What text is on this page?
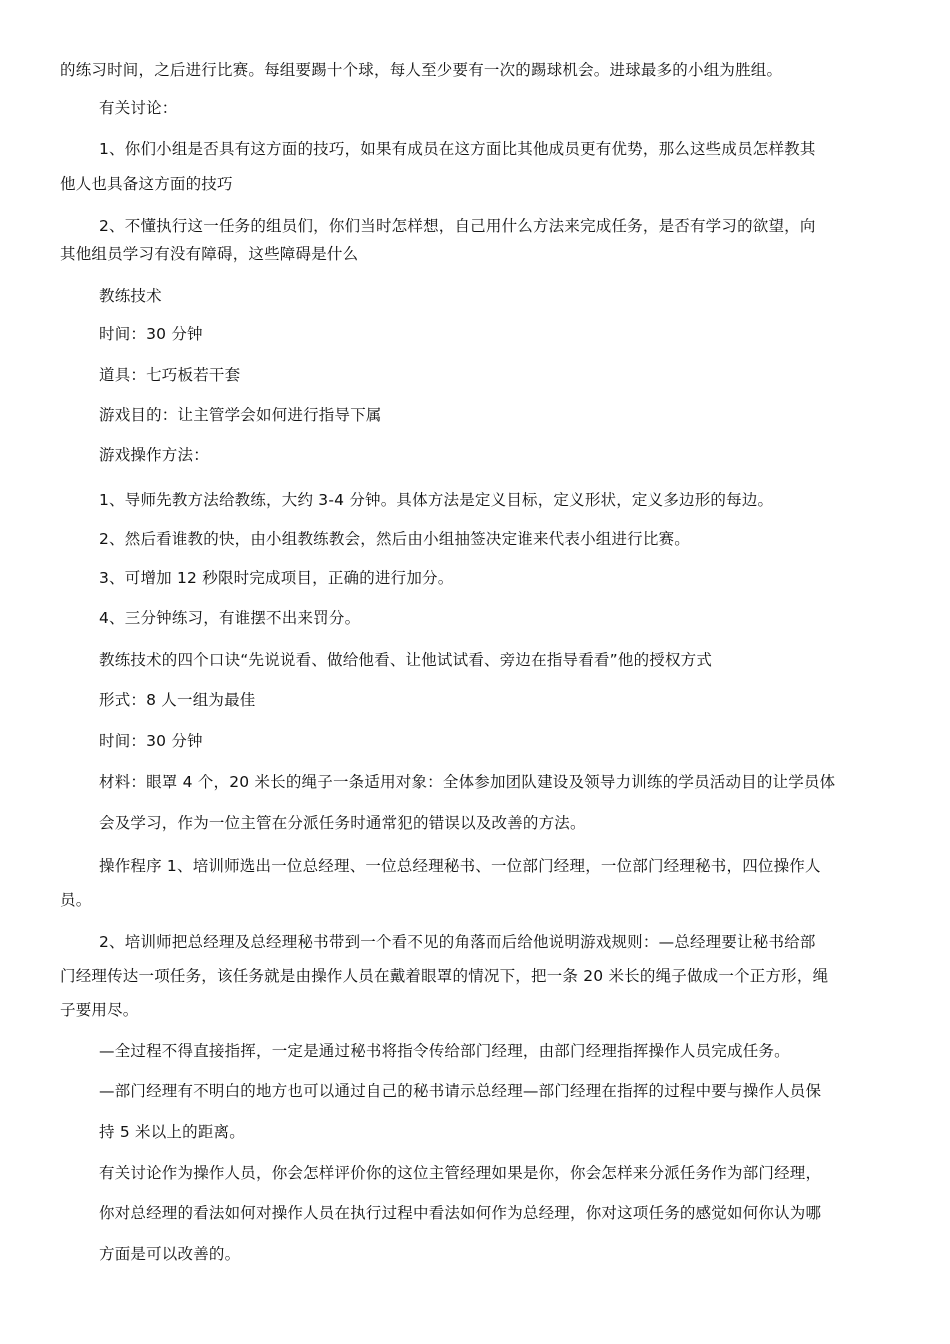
的练习时间，之后进行比赛。每组要踢十个球，每人至少要有一次的踢球机会。进球最多的小组为胜组。
有关讨论：
1、你们小组是否具有这方面的技巧，如果有成员在这方面比其他成员更有优势，那么这些成员怎样教其
他人也具备这方面的技巧
2、不懂执行这一任务的组员们，你们当时怎样想，自己用什么方法来完成任务，是否有学习的欲望，向
其他组员学习有没有障碍，这些障碍是什么
教练技术
时间：30 分钟
道具：七巧板若干套
游戏目的：让主管学会如何进行指导下属
游戏操作方法：
1、导师先教方法给教练，大约 3-4 分钟。具体方法是定义目标，定义形状，定义多边形的每边。
2、然后看谁教的快，由小组教练教会，然后由小组抽签决定谁来代表小组进行比赛。
3、可增加 12 秒限时完成项目，正确的进行加分。
4、三分钟练习，有谁摆不出来罚分。
教练技术的四个口诀“先说说看、做给他看、让他试试看、旁边在指导看看”他的授权方式
形式：8 人一组为最佳
时间：30 分钟
材料：眼罩 4 个，20 米长的绳子一条适用对象：全体参加团队建设及领导力训练的学员活动目的让学员体
会及学习，作为一位主管在分派任务时通常犯的错误以及改善的方法。
操作程序 1、培训师选出一位总经理、一位总经理秘书、一位部门经理，一位部门经理秘书，四位操作人
员。
2、培训师把总经理及总经理秘书带到一个看不见的角落而后给他说明游戏规则：—总经理要让秘书给部
门经理传达一项任务，该任务就是由操作人员在戴着眼罩的情况下，把一条 20 米长的绳子做成一个正方形，绳
子要用尽。
—全过程不得直接指挥，一定是通过秘书将指令传给部门经理，由部门经理指挥操作人员完成任务。
—部门经理有不明白的地方也可以通过自己的秘书请示总经理—部门经理在指挥的过程中要与操作人员保
持 5 米以上的距离。
有关讨论作为操作人员，你会怎样评价你的这位主管经理如果是你，你会怎样来分派任务作为部门经理，
你对总经理的看法如何对操作人员在执行过程中看法如何作为总经理，你对这项任务的感觉如何你认为哪
方面是可以改善的。
